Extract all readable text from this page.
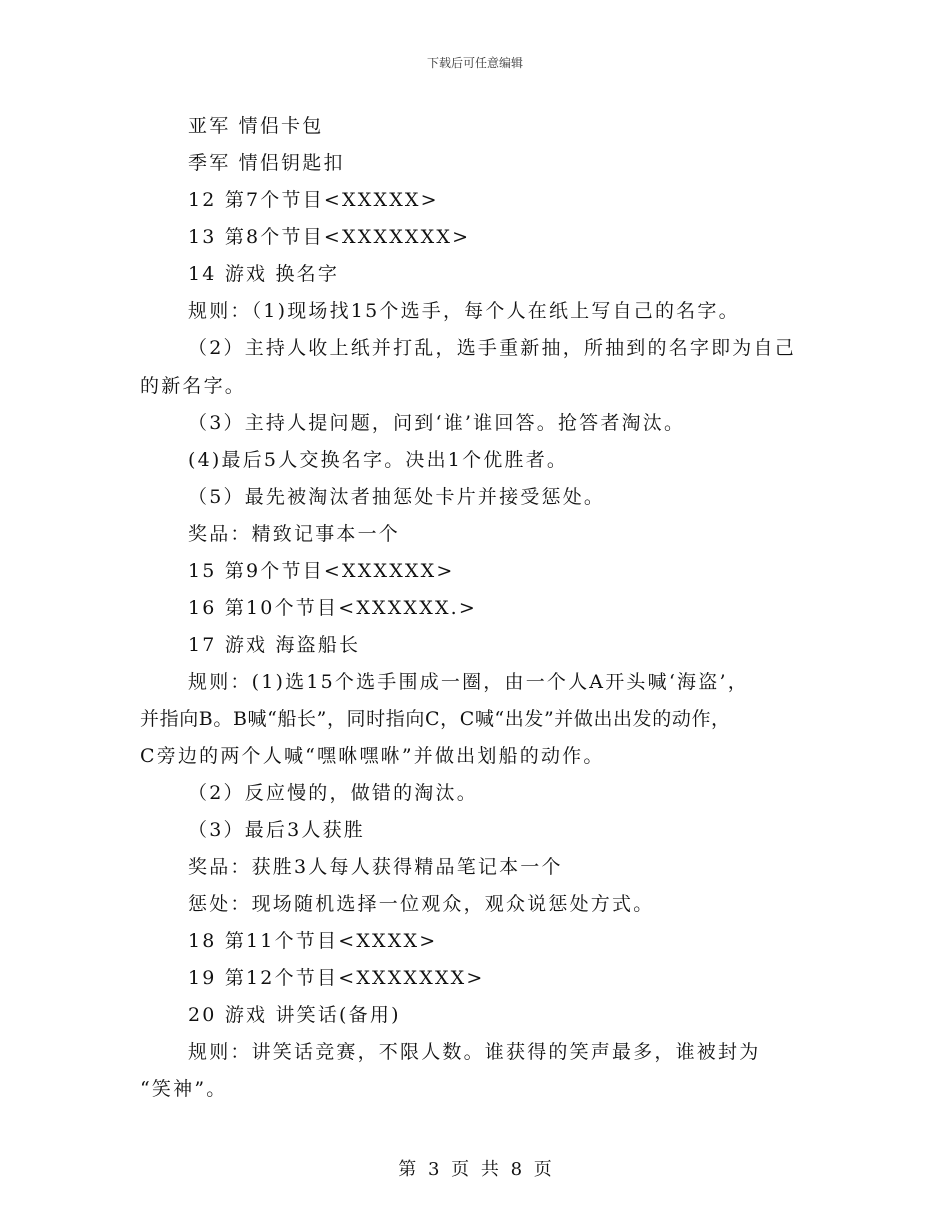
下载后可任意编辑
亚军 情侣卡包
季军 情侣钥匙扣
12 第7个节目<XXXXX>
13 第8个节目<XXXXXXX>
14 游戏 换名字
规则：（1)现场找15个选手，每个人在纸上写自己的名字。
（2）主持人收上纸并打乱，选手重新抽，所抽到的名字即为自己
的新名字。
（3）主持人提问题，问到‘谁’谁回答。抢答者淘汰。
(4)最后5人交换名字。决出1个优胜者。
（5）最先被淘汰者抽惩处卡片并接受惩处。
奖品：精致记事本一个
15 第9个节目<XXXXXX>
16 第10个节目<XXXXXX.>
17 游戏 海盗船长
规则：(1)选15个选手围成一圈，由一个人A开头喊‘海盗’，
并指向B。B喊“船长”，同时指向C，C喊“出发”并做出出发的动作，
C旁边的两个人喊“嘿咻嘿咻”并做出划船的动作。
（2）反应慢的，做错的淘汰。
（3）最后3人获胜
奖品：获胜3人每人获得精品笔记本一个
惩处：现场随机选择一位观众，观众说惩处方式。
18 第11个节目<XXXX>
19 第12个节目<XXXXXXX>
20 游戏 讲笑话(备用)
规则：讲笑话竞赛，不限人数。谁获得的笑声最多，谁被封为
“笑神”。
第 3 页 共 8 页
